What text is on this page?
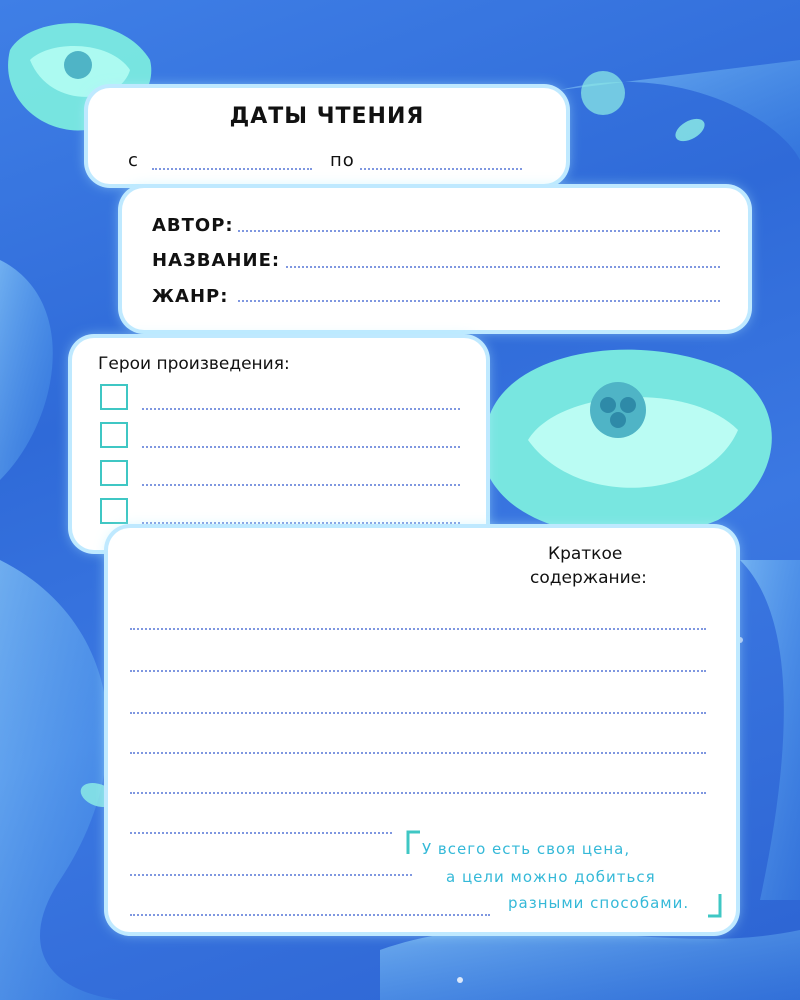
ДАТЫ ЧТЕНИЯ
с	по
АВТОР:
НАЗВАНИЕ:
ЖАНР:
Герои произведения:
Краткое
содержание:
У всего есть своя цена,
а цели можно добиться
разными способами.
